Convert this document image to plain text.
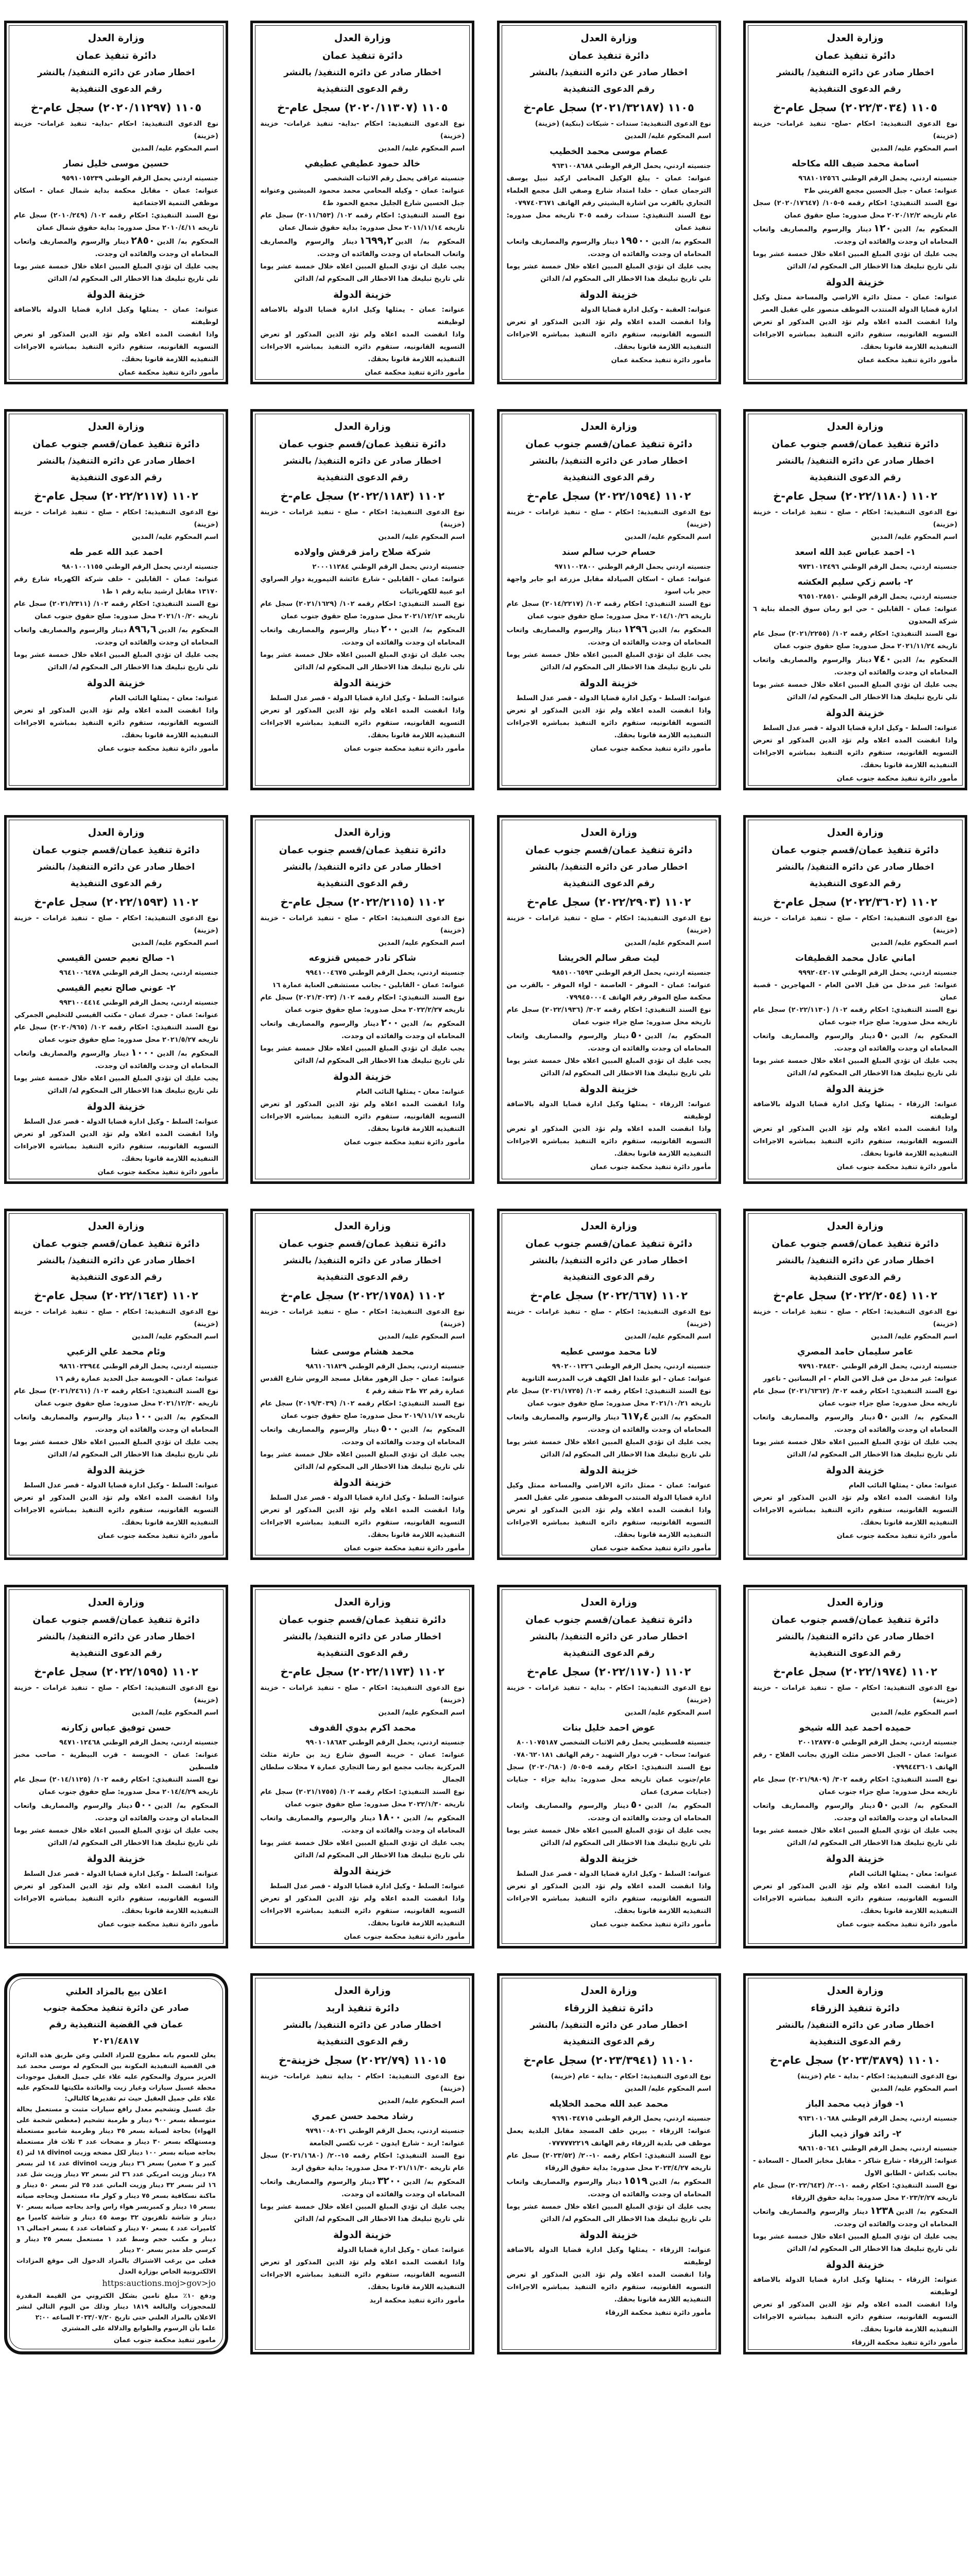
وزارة العدل
دائرة تنفيذ عمان
اخطار صادر عن دائره التنفيذ/ بالنشر
رقم الدعوى التنفيذية
١١٠٥ (٢٠٢٢/٣٠٣٤) سجل عام-خ
نوع الدعوى التنفيذية: احكام -صلح- تنفيذ غرامات- خزينة (خزينة)
اسم المحكوم عليه/ المدين
اسامة محمد ضيف الله مكاحله
جنسيته اردني، يحمل الرقم الوطني ٩٦٨١٠١٢٥٦٦
عنوانه: عمان - جبل الحسين مجمع القريني ط٣
نوع السند التنفيذي: احكام رقمه ٥-١٠٥/ (٢٠٢٠/١٧٦٤٧) سجل عام تاريخه ٢٠٢٠/١٢/٢ محل صدوره: صلح حقوق عمان
المحكوم به/ الدين١٢٠دينار والرسوم والمصاريف واتعاب المحاماه ان وجدت والفائده ان وجدت.
يجب عليك ان تؤدي المبلغ المبين اعلاه خلال خمسة عشر يوما تلي تاريخ تبليغك هذا الاخطار الى المحكوم له/ الدائن
خزينة الدولة
عنوانه: عمان - ممثل دائرة الاراضي والمساحة ممثل وكيل ادارة قضايا الدولة المنتدب الموظف منصور علي عقيل العمر
واذا انقضت المده اعلاه ولم تؤد الدين المذكور او تعرض التسويه القانونيه، ستقوم دائره التنفيذ بمباشره الاجراءات التنفيذيه اللازمة قانونا بحقك.
مأمور دائرة تنفيذ محكمة عمان
وزارة العدل
دائرة تنفيذ عمان
اخطار صادر عن دائره التنفيذ/ بالنشر
رقم الدعوى التنفيذية
١١٠٥ (٢٠٢١/٣٢١٨٧) سجل عام-خ
نوع الدعوى التنفيذية: سندات - شيكات (بنكية) (خزينة)
اسم المحكوم عليه/ المدين
عصام موسى محمد الخطيب
جنسيته اردني، يحمل الرقم الوطني ٩٦٣١٠٠٨٦٨٨
عنوانه: عمان - يبلغ الوكيل المحامي اركيد نبيل يوسف الترجمان عمان - خلدا امتداد شارع وصفي التل مجمع العلماء التجاري بالقرب من اشارة البشيتي رقم الهاتف ٠٧٩٧٤٠٣٦٧١
نوع السند التنفيذي: سندات رقمه ٣٠٥ تاريخه محل صدوره: تنفيذ عمان
المحكوم به/ الدين١٩٥٠٠دينار والرسوم والمصاريف واتعاب المحاماه ان وجدت والفائده ان وجدت.
يجب عليك ان تؤدي المبلغ المبين اعلاه خلال خمسة عشر يوما تلي تاريخ تبليغك هذا الاخطار الى المحكوم له/ الدائن
خزينة الدولة
عنوانه: العقبة - وكيل ادارة قضايا الدولة
واذا انقضت المده اعلاه ولم تؤد الدين المذكور او تعرض التسويه القانونيه، ستقوم دائره التنفيذ بمباشره الاجراءات التنفيذيه اللازمة قانونا بحقك.
مأمور دائرة تنفيذ محكمة عمان
وزارة العدل
دائرة تنفيذ عمان
اخطار صادر عن دائره التنفيذ/ بالنشر
رقم الدعوى التنفيذية
١١٠٥ (٢٠٢٠/١١٣٠٧) سجل عام-خ
نوع الدعوى التنفيذية: احكام -بداية- تنفيذ غرامات- خزينة (خزينة)
اسم المحكوم عليه/ المدين
خالد حمود عطيفي عطيفي
جنسيته عراقي يحمل رقم الاثبات الشخصي
عنوانه: عمان - وكيله المحامي محمد محمود الميشين وعنوانه جبل الحسين شارع الجليل مجمع الحمود ط٤
نوع السند التنفيذي: احكام رقمه ١٠٢/ (٢٠١١/٦٥٣) سجل عام تاريخه ٢٠١١/١١/١٤ محل صدوره: بداية حقوق شمال عمان
المحكوم به/ الدين١٦٩٩,٢دينار والرسوم والمصاريف واتعاب المحاماه ان وجدت والفائده ان وجدت.
يجب عليك ان تؤدي المبلغ المبين اعلاه خلال خمسة عشر يوما تلي تاريخ تبليغك هذا الاخطار الى المحكوم له/ الدائن
خزينة الدولة
عنوانه: عمان - يمثلها وكيل ادارة قضايا الدولة بالاضافة لوظيفته
واذا انقضت المده اعلاه ولم تؤد الدين المذكور او تعرض التسويه القانونيه، ستقوم دائره التنفيذ بمباشره الاجراءات التنفيذيه اللازمة قانونا بحقك.
مأمور دائرة تنفيذ محكمة عمان
وزارة العدل
دائرة تنفيذ عمان
اخطار صادر عن دائره التنفيذ/ بالنشر
رقم الدعوى التنفيذية
١١٠٥ (٢٠٢٠/١١٢٩٧) سجل عام-خ
نوع الدعوى التنفيذية: احكام -بداية- تنفيذ غرامات- خزينة (خزينة)
اسم المحكوم عليه/ المدين
حسين موسى خليل نصار
جنسيته اردني يحمل الرقم الوطني ٩٥٩١٠١٥٢٣٩
عنوانه: عمان - مقابل محكمة بداية شمال عمان - اسكان موظفي التنمية الاجتماعية
نوع السند التنفيذي: احكام رقمه ١٠٢/ (٢٠١٠/٢٤٩) سجل عام تاريخه ٢٠١٠/٤/١١ محل صدوره: بداية حقوق شمال عمان
المحكوم به/ الدين٢٨٥٠دينار والرسوم والمصاريف واتعاب المحاماه ان وجدت والفائده ان وجدت.
يجب عليك ان تؤدي المبلغ المبين اعلاه خلال خمسة عشر يوما تلي تاريخ تبليغك هذا الاخطار الى المحكوم له/ الدائن
خزينة الدولة
عنوانه: عمان - يمثلها وكيل ادارة قضايا الدولة بالاضافة لوظيفته
واذا انقضت المده اعلاه ولم تؤد الدين المذكور او تعرض التسويه القانونيه، ستقوم دائره التنفيذ بمباشره الاجراءات التنفيذيه اللازمة قانونا بحقك.
مأمور دائرة تنفيذ محكمة عمان
وزارة العدل
دائرة تنفيذ عمان/قسم جنوب عمان
اخطار صادر عن دائره التنفيذ/ بالنشر
رقم الدعوى التنفيذية
١١٠٢ (٢٠٢٢/١١٨٠) سجل عام-خ
نوع الدعوى التنفيذية: احكام - صلح - تنفيذ غرامات - خزينة (خزينة)
اسم المحكوم عليه/ المدين
١- احمد عباس عبد الله اسعد
جنسيته اردني، يحمل الرقم الوطني ٩٧٣١٠١٣٤٩٦
٢- باسم زكي سليم العكشه
جنسيته اردني، يحمل الرقم الوطني ٩٦٥١٠٢٨٥١٠
عنوانه: عمان - القابلين - حي ابو رمان سوق الجملة بناية ٦ شركة المحدون
نوع السند التنفيذي: احكام رقمه ١٠٢/ (٢٠٢١/٢٢٥٥) سجل عام تاريخه ٢٠٢١/١١/٢٤ محل صدوره: صلح حقوق جنوب عمان
المحكوم به/ الدين٧٤٠دينار والرسوم والمصاريف واتعاب المحاماه ان وجدت والفائده ان وجدت.
يجب عليك ان تؤدي المبلغ المبين اعلاه خلال خمسة عشر يوما تلي تاريخ تبليغك هذا الاخطار الى المحكوم له/ الدائن
خزينة الدولة
عنوانه: السلط - وكيل ادارة قضايا الدولة - قصر عدل السلط
واذا انقضت المده اعلاه ولم تؤد الدين المذكور او تعرض التسويه القانونيه، ستقوم دائره التنفيذ بمباشره الاجراءات التنفيذيه اللازمة قانونا بحقك.
مأمور دائرة تنفيذ محكمة جنوب عمان
وزارة العدل
دائرة تنفيذ عمان/قسم جنوب عمان
اخطار صادر عن دائره التنفيذ/ بالنشر
رقم الدعوى التنفيذية
١١٠٢ (٢٠٢٢/١٥٩٤) سجل عام-خ
نوع الدعوى التنفيذية: احكام - صلح - تنفيذ غرامات - خزينة (خزينة)
اسم المحكوم عليه/ المدين
حسام حرب سالم سند
جنسيته اردني يحمل الرقم الوطني ٩٧١١٠٠٢٨٠٠
عنوانه: عمان - اسكان الصيادلة مقابل مزرعة ابو جابر واجهة حجر باب اسود
نوع السند التنفيذي: احكام رقمه ١٠٢/ (٢٠١٤/٢٢١٧) سجل عام تاريخه ٢٠١٤/١٠/٢٦ محل صدوره: صلح حقوق جنوب عمان
المحكوم به/ الدين١٢٩٦دينار والرسوم والمصاريف واتعاب المحاماه ان وجدت والفائده ان وجدت.
يجب عليك ان تؤدي المبلغ المبين اعلاه خلال خمسة عشر يوما تلي تاريخ تبليغك هذا الاخطار الى المحكوم له/ الدائن
خزينة الدولة
عنوانه: السلط - وكيل ادارة قضايا الدولة - قصر عدل السلط
واذا انقضت المده اعلاه ولم تؤد الدين المذكور او تعرض التسويه القانونيه، ستقوم دائره التنفيذ بمباشره الاجراءات التنفيذيه اللازمة قانونا بحقك.
مأمور دائرة تنفيذ محكمة جنوب عمان
وزارة العدل
دائرة تنفيذ عمان/قسم جنوب عمان
اخطار صادر عن دائره التنفيذ/ بالنشر
رقم الدعوى التنفيذية
١١٠٢ (٢٠٢٢/١١٨٣) سجل عام-خ
نوع الدعوى التنفيذية: احكام - صلح - تنفيذ غرامات - خزينة (خزينة)
اسم المحكوم عليه/ المدين
شركة صلاح رامز قرقش واولاده
جنسيته اردني يحمل الرقم الوطني ٢٠٠٠١١٢٨٤
عنوانه: عمان - القابلين - شارع عائشة التيمورية دوار الصراوي ابو عبية للكهربائيات
نوع السند التنفيذي: احكام رقمه ١٠٢/ (٢٠٢١/١٦٢٩) سجل عام تاريخه ٢٠٢١/١٢/١٣ محل صدوره: صلح حقوق جنوب عمان
المحكوم به/ الدين٢٠٠دينار والرسوم والمصاريف واتعاب المحاماه ان وجدت والفائده ان وجدت.
يجب عليك ان تؤدي المبلغ المبين اعلاه خلال خمسة عشر يوما تلي تاريخ تبليغك هذا الاخطار الى المحكوم له/ الدائن
خزينة الدولة
عنوانه: السلط - وكيل ادارة قضايا الدولة - قصر عدل السلط
واذا انقضت المده اعلاه ولم تؤد الدين المذكور او تعرض التسويه القانونيه، ستقوم دائره التنفيذ بمباشره الاجراءات التنفيذيه اللازمة قانونا بحقك.
مأمور دائرة تنفيذ محكمة جنوب عمان
وزارة العدل
دائرة تنفيذ عمان/قسم جنوب عمان
اخطار صادر عن دائره التنفيذ/ بالنشر
رقم الدعوى التنفيذية
١١٠٢ (٢٠٢٢/٢١١٧) سجل عام-خ
نوع الدعوى التنفيذية: احكام - صلح - تنفيذ غرامات - خزينة (خزينة)
اسم المحكوم عليه/ المدين
احمد عبد الله عمر طه
جنسيته اردني يحمل الرقم الوطني ٩٨٠١٠٠١١٥٥
عنوانه: عمان - القابلين - خلف شركة الكهرباء شارع رقم ١٣١٧٠ مقابل ارشيد بناية رقم ١ ط١
نوع السند التنفيذي: احكام رقمه ١٠٢/ (٢٠٢١/٢٣١١) سجل عام تاريخه ٢٠٢١/١٠/٢٠ محل صدوره: صلح حقوق جنوب عمان
المحكوم به/ الدين٨٩٦,٦دينار والرسوم والمصاريف واتعاب المحاماه ان وجدت والفائده ان وجدت.
يجب عليك ان تؤدي المبلغ المبين اعلاه خلال خمسة عشر يوما تلي تاريخ تبليغك هذا الاخطار الى المحكوم له/ الدائن
خزينة الدولة
عنوانه: معان - يمثلها النائب العام
واذا انقضت المده اعلاه ولم تؤد الدين المذكور او تعرض التسويه القانونيه، ستقوم دائره التنفيذ بمباشره الاجراءات التنفيذيه اللازمة قانونا بحقك.
مأمور دائرة تنفيذ محكمة جنوب عمان
وزارة العدل
دائرة تنفيذ عمان/قسم جنوب عمان
اخطار صادر عن دائره التنفيذ/ بالنشر
رقم الدعوى التنفيذية
١١٠٢ (٢٠٢٢/٣٦٠٢) سجل عام-خ
نوع الدعوى التنفيذية: احكام - صلح - تنفيذ غرامات - خزينة (خزينة)
اسم المحكوم عليه/ المدين
اماني عادل محمد القطيفات
جنسيته اردني، يحمل الرقم الوطني ٩٩٩٢٠٤٢٠١٧
عنوانه: غير مدخل من قبل الامن العام - المهاجرين - قصبة عمان
نوع السند التنفيذي: احكام رقمه ١٠٢/ (٢٠٢٢/١١٣٠) سجل عام تاريخه محل صدوره: صلح جزاء جنوب عمان
المحكوم به/ الدين٥٠دينار والرسوم والمصاريف واتعاب المحاماه ان وجدت والفائده ان وجدت.
يجب عليك ان تؤدي المبلغ المبين اعلاه خلال خمسة عشر يوما تلي تاريخ تبليغك هذا الاخطار الى المحكوم له/ الدائن
خزينة الدولة
عنوانه: الزرقاء - يمثلها وكيل ادارة قضايا الدولة بالاضافة لوظيفته
واذا انقضت المده اعلاه ولم تؤد الدين المذكور او تعرض التسويه القانونيه، ستقوم دائره التنفيذ بمباشره الاجراءات التنفيذيه اللازمة قانونا بحقك.
مأمور دائرة تنفيذ محكمة جنوب عمان
وزارة العدل
دائرة تنفيذ عمان/قسم جنوب عمان
اخطار صادر عن دائره التنفيذ/ بالنشر
رقم الدعوى التنفيذية
١١٠٢ (٢٠٢٢/٢٩٠٣) سجل عام-خ
نوع الدعوى التنفيذية: احكام - صلح - تنفيذ غرامات - خزينة (خزينة)
اسم المحكوم عليه/ المدين
ليث صقر سالم الخريشا
جنسيته اردني، يحمل الرقم الوطني ٩٨٥١٠٠٦٥٩٣
عنوانه: عمان - الموقر - العاصمة - لواء الموقر - بالقرب من محكمة صلح الموقر رقم الهاتف ٠٧٩٩٤٥٠٠٠٤
نوع السند التنفيذي: احكام رقمه ٣٠٢/ (٢٠٢٢/١٩٣٦) سجل عام تاريخه محل صدوره: صلح جزاء جنوب عمان
المحكوم به/ الدين٥٠دينار والرسوم والمصاريف واتعاب المحاماه ان وجدت والفائده ان وجدت.
يجب عليك ان تؤدي المبلغ المبين اعلاه خلال خمسة عشر يوما تلي تاريخ تبليغك هذا الاخطار الى المحكوم له/ الدائن
خزينة الدولة
عنوانه: الزرقاء - يمثلها وكيل ادارة قضايا الدولة بالاضافة لوظيفته
واذا انقضت المده اعلاه ولم تؤد الدين المذكور او تعرض التسويه القانونيه، ستقوم دائره التنفيذ بمباشره الاجراءات التنفيذيه اللازمة قانونا بحقك.
مأمور دائرة تنفيذ محكمة جنوب عمان
وزارة العدل
دائرة تنفيذ عمان/قسم جنوب عمان
اخطار صادر عن دائره التنفيذ/ بالنشر
رقم الدعوى التنفيذية
١١٠٢ (٢٠٢٢/٢١١٥) سجل عام-خ
نوع الدعوى التنفيذية: احكام - صلح - تنفيذ غرامات - خزينة (خزينة)
اسم المحكوم عليه/ المدين
شاكر نادر خميس قنزوعه
جنسيته اردني، يحمل الرقم الوطني ٩٩٤١٠٠٤٦٧٥
عنوانه: عمان - القابلين - بجانب مستشفى العناية عمارة ١٦
نوع السند التنفيذي: احكام رقمه ١٠٢/ (٢٠٢١/٣٠٢٣) سجل عام تاريخه ٢٠٢٢/٢/٢٧ محل صدوره: صلح حقوق جنوب عمان
المحكوم به/ الدين٢٠٠دينار والرسوم والمصاريف واتعاب المحاماه ان وجدت والفائده ان وجدت.
يجب عليك ان تؤدي المبلغ المبين اعلاه خلال خمسة عشر يوما تلي تاريخ تبليغك هذا الاخطار الى المحكوم له/ الدائن
خزينة الدولة
عنوانه: معان - يمثلها النائب العام
واذا انقضت المده اعلاه ولم تؤد الدين المذكور او تعرض التسويه القانونيه، ستقوم دائره التنفيذ بمباشره الاجراءات التنفيذيه اللازمة قانونا بحقك.
مأمور دائرة تنفيذ محكمة جنوب عمان
وزارة العدل
دائرة تنفيذ عمان/قسم جنوب عمان
اخطار صادر عن دائره التنفيذ/ بالنشر
رقم الدعوى التنفيذية
١١٠٢ (٢٠٢٢/١٥٩٣) سجل عام-خ
نوع الدعوى التنفيذية: احكام - صلح - تنفيذ غرامات - خزينة (خزينة)
اسم المحكوم عليه/ المدين
١- صالح نعيم حسن القيسي
جنسيته اردني، يحمل الرقم الوطني ٩٦٤١٠٠٦٤٧٨
٢- عوني صالح نعيم القيسي
جنسيته اردني، يحمل الرقم الوطني ٩٩٣١٠٠٤٤١٤
عنوانه: عمان - جمرك عمان - مكتب القيسي للتخليص الجمركي
نوع السند التنفيذي: احكام رقمه ١٠٢/ (٢٠٢٠/٩٦٥) سجل عام تاريخه ٢٠٢١/٥/٢٧ محل صدوره: صلح حقوق جنوب عمان
المحكوم به/ الدين١٠٠٠دينار والرسوم والمصاريف واتعاب المحاماه ان وجدت والفائده ان وجدت.
يجب عليك ان تؤدي المبلغ المبين اعلاه خلال خمسة عشر يوما تلي تاريخ تبليغك هذا الاخطار الى المحكوم له/ الدائن
خزينة الدولة
عنوانه: السلط - وكيل ادارة قضايا الدولة - قصر عدل السلط
واذا انقضت المده اعلاه ولم تؤد الدين المذكور او تعرض التسويه القانونيه، ستقوم دائره التنفيذ بمباشره الاجراءات التنفيذيه اللازمة قانونا بحقك.
مأمور دائرة تنفيذ محكمة جنوب عمان
وزارة العدل
دائرة تنفيذ عمان/قسم جنوب عمان
اخطار صادر عن دائره التنفيذ/ بالنشر
رقم الدعوى التنفيذية
١١٠٢ (٢٠٢٢/٢٠٥٤) سجل عام-خ
نوع الدعوى التنفيذية: احكام - صلح - تنفيذ غرامات - خزينة (خزينة)
اسم المحكوم عليه/ المدين
عامر سليمان حامد المصري
جنسيته اردني، يحمل الرقم الوطني ٩٧٩١٠٣٨٤٣٠
عنوانه: غير مدخل من قبل الامن العام - ام البساتين - ناعور
نوع السند التنفيذي: احكام رقمه ٣٠٢/ (٢٠٢١/٦٣٦٢) سجل عام تاريخه محل صدوره: صلح جزاء جنوب عمان
المحكوم به/ الدين٥٠دينار والرسوم والمصاريف واتعاب المحاماه ان وجدت والفائده ان وجدت.
يجب عليك ان تؤدي المبلغ المبين اعلاه خلال خمسة عشر يوما تلي تاريخ تبليغك هذا الاخطار الى المحكوم له/ الدائن
خزينة الدولة
عنوانه: معان - يمثلها النائب العام
واذا انقضت المده اعلاه ولم تؤد الدين المذكور او تعرض التسويه القانونيه، ستقوم دائره التنفيذ بمباشره الاجراءات التنفيذيه اللازمة قانونا بحقك.
مأمور دائرة تنفيذ محكمة جنوب عمان
وزارة العدل
دائرة تنفيذ عمان/قسم جنوب عمان
اخطار صادر عن دائره التنفيذ/ بالنشر
رقم الدعوى التنفيذية
١١٠٢ (٢٠٢٢/٦٦٧) سجل عام-خ
نوع الدعوى التنفيذية: احكام - صلح - تنفيذ غرامات - خزينة (خزينة)
اسم المحكوم عليه/ المدين
لانا محمد موسى عطيه
جنسيته اردني، يحمل الرقم الوطني ٩٩٠٢٠٠١٣٢٦
عنوانه: عمان - ابو علندا اهل الكهف قرب المدرسة الثانوية
نوع السند التنفيذي: احكام رقمه ١٠٢/ (٢٠٢١/١٧٢٥) سجل عام تاريخه ٢٠٢١/١٠/٢١ محل صدوره: صلح حقوق جنوب عمان
المحكوم به/ الدين٦١٧,٤دينار والرسوم والمصاريف واتعاب المحاماه ان وجدت والفائده ان وجدت.
يجب عليك ان تؤدي المبلغ المبين اعلاه خلال خمسة عشر يوما تلي تاريخ تبليغك هذا الاخطار الى المحكوم له/ الدائن
خزينة الدولة
عنوانه: عمان - ممثل دائرة الاراضي والمساحة ممثل وكيل ادارة قضايا الدولة المنتدب الموظف منصور علي عقيل العمر
واذا انقضت المده اعلاه ولم تؤد الدين المذكور او تعرض التسويه القانونيه، ستقوم دائره التنفيذ بمباشره الاجراءات التنفيذيه اللازمة قانونا بحقك.
مأمور دائرة تنفيذ محكمة جنوب عمان
وزارة العدل
دائرة تنفيذ عمان/قسم جنوب عمان
اخطار صادر عن دائره التنفيذ/ بالنشر
رقم الدعوى التنفيذية
١١٠٢ (٢٠٢٢/١٧٥٨) سجل عام-خ
نوع الدعوى التنفيذية: احكام - صلح - تنفيذ غرامات - خزينة (خزينة)
اسم المحكوم عليه/ المدين
محمد هشام موسى عشا
جنسيته اردني، يحمل الرقم الوطني ٩٨٦١٠٦١٨٢٩
عنوانه: عمان - جبل الزهور مقابل مسجد الروس شارع القدس عمارة رقم ٧٢ ط٣ شقة رقم ٤
نوع السند التنفيذي: احكام رقمه ١٠٢/ (٢٠١٩/٣٠٣٩) سجل عام تاريخه ٢٠١٩/١١/١٧ محل صدوره: صلح حقوق جنوب عمان
المحكوم به/ الدين٥٠٠دينار والرسوم والمصاريف واتعاب المحاماه ان وجدت والفائده ان وجدت.
يجب عليك ان تؤدي المبلغ المبين اعلاه خلال خمسة عشر يوما تلي تاريخ تبليغك هذا الاخطار الى المحكوم له/ الدائن
خزينة الدولة
عنوانه: السلط - وكيل ادارة قضايا الدولة - قصر عدل السلط
واذا انقضت المده اعلاه ولم تؤد الدين المذكور او تعرض التسويه القانونيه، ستقوم دائره التنفيذ بمباشره الاجراءات التنفيذيه اللازمة قانونا بحقك.
مأمور دائرة تنفيذ محكمة جنوب عمان
وزارة العدل
دائرة تنفيذ عمان/قسم جنوب عمان
اخطار صادر عن دائره التنفيذ/ بالنشر
رقم الدعوى التنفيذية
١١٠٢ (٢٠٢٢/١٦٤٣) سجل عام-خ
نوع الدعوى التنفيذية: احكام - صلح - تنفيذ غرامات - خزينة (خزينة)
اسم المحكوم عليه/ المدين
وئام محمد علي الزعبي
جنسيته اردني، يحمل الرقم الوطني ٩٨٦١٠٢٣٩٤٤
عنوانه: عمان - الخوبسة جبل الحديد عمارة رقم ١٦
نوع السند التنفيذي: احكام رقمه ١٠٢/ (٢٠٢١/٢٤٦١) سجل عام تاريخه ٢٠٢١/١٢/٣٠ محل صدوره: صلح حقوق جنوب عمان
المحكوم به/ الدين١٠٠دينار والرسوم والمصاريف واتعاب المحاماه ان وجدت والفائده ان وجدت.
يجب عليك ان تؤدي المبلغ المبين اعلاه خلال خمسة عشر يوما تلي تاريخ تبليغك هذا الاخطار الى المحكوم له/ الدائن
خزينة الدولة
عنوانه: السلط - وكيل ادارة قضايا الدولة - قصر عدل السلط
واذا انقضت المده اعلاه ولم تؤد الدين المذكور او تعرض التسويه القانونيه، ستقوم دائره التنفيذ بمباشره الاجراءات التنفيذيه اللازمة قانونا بحقك.
مأمور دائرة تنفيذ محكمة جنوب عمان
وزارة العدل
دائرة تنفيذ عمان/قسم جنوب عمان
اخطار صادر عن دائره التنفيذ/ بالنشر
رقم الدعوى التنفيذية
١١٠٢ (٢٠٢٢/١٩٧٤) سجل عام-خ
نوع الدعوى التنفيذية: احكام - صلح - تنفيذ غرامات - خزينة (خزينة)
اسم المحكوم عليه/ المدين
حميده احمد عبد الله شيخو
جنسيته اردني، يحمل الرقم الوطني ٢٠٠١٢٨٧٧٠٥
عنوانه: عمان - الجبل الاخضر مثلث الوزي بجانب الفلاح - رقم الهاتف ٠٧٩٩٤٤٣٦٠١
نوع السند التنفيذي: احكام رقمه ٣٠٢/ (٢٠٢١/٩٨٠٩) سجل عام تاريخه محل صدوره: صلح جزاء جنوب عمان
المحكوم به/ الدين٥٠دينار والرسوم والمصاريف واتعاب المحاماه ان وجدت والفائده ان وجدت.
يجب عليك ان تؤدي المبلغ المبين اعلاه خلال خمسة عشر يوما تلي تاريخ تبليغك هذا الاخطار الى المحكوم له/ الدائن
خزينة الدولة
عنوانه: معان - يمثلها النائب العام
واذا انقضت المده اعلاه ولم تؤد الدين المذكور او تعرض التسويه القانونيه، ستقوم دائره التنفيذ بمباشره الاجراءات التنفيذيه اللازمة قانونا بحقك.
مأمور دائرة تنفيذ محكمة جنوب عمان
وزارة العدل
دائرة تنفيذ عمان/قسم جنوب عمان
اخطار صادر عن دائره التنفيذ/ بالنشر
رقم الدعوى التنفيذية
١١٠٢ (٢٠٢٢/١١٧٠) سجل عام-خ
نوع الدعوى التنفيذية: احكام - بداية - تنفيذ غرامات - خزينة (خزينة)
اسم المحكوم عليه/ المدين
عوض احمد خليل بنات
جنسيته فلسطيني يحمل رقم الاثبات الشخصي ٨٠٠١٠٧٥١٨٧
عنوانه: سحاب - قرب دوار الشهيد - رقم الهاتف ٠٧٨٠٦٢٠١٨١
نوع السند التنفيذي: احكام رقمه ٥-٥٠٥/ (٢٠٢٠/٦٨٠) سجل عام/جنوب عمان تاريخه محل صدوره: بداية جزاء - جنايات (جنايات صغرى) عمان
المحكوم به/ الدين٥٠دينار والرسوم والمصاريف واتعاب المحاماه ان وجدت والفائده ان وجدت.
يجب عليك ان تؤدي المبلغ المبين اعلاه خلال خمسة عشر يوما تلي تاريخ تبليغك هذا الاخطار الى المحكوم له/ الدائن
خزينة الدولة
عنوانه: السلط - وكيل ادارة قضايا الدولة - قصر عدل السلط
واذا انقضت المده اعلاه ولم تؤد الدين المذكور او تعرض التسويه القانونيه، ستقوم دائره التنفيذ بمباشره الاجراءات التنفيذيه اللازمة قانونا بحقك.
مأمور دائرة تنفيذ محكمة جنوب عمان
وزارة العدل
دائرة تنفيذ عمان/قسم جنوب عمان
اخطار صادر عن دائره التنفيذ/ بالنشر
رقم الدعوى التنفيذية
١١٠٢ (٢٠٢٢/١١٧٣) سجل عام-خ
نوع الدعوى التنفيذية: احكام - صلح - تنفيذ غرامات - خزينة (خزينة)
اسم المحكوم عليه/ المدين
محمد اكرم بدوي القدوف
جنسيته اردني، يحمل الرقم الوطني ٩٩٠١٠١٨٦٨٣
عنوانه: عمان - خريبة السوق شارع زيد بن حارثة مثلث المركزية بجانب مجمع ابو رضا التجاري عمارة ٧ محلات سلطان الجمال
نوع السند التنفيذي: احكام رقمه ١٠٢/ (٢٠٢١/١٧٥٥) سجل عام تاريخه ٢٠٢٢/١/٣٠ محل صدوره: صلح حقوق جنوب عمان
المحكوم به/ الدين١٨٠٠دينار والرسوم والمصاريف واتعاب المحاماه ان وجدت والفائده ان وجدت.
يجب عليك ان تؤدي المبلغ المبين اعلاه خلال خمسة عشر يوما تلي تاريخ تبليغك هذا الاخطار الى المحكوم له/ الدائن
خزينة الدولة
عنوانه: السلط - وكيل ادارة قضايا الدولة - قصر عدل السلط
واذا انقضت المده اعلاه ولم تؤد الدين المذكور او تعرض التسويه القانونيه، ستقوم دائره التنفيذ بمباشره الاجراءات التنفيذيه اللازمة قانونا بحقك.
مأمور دائرة تنفيذ محكمة جنوب عمان
وزارة العدل
دائرة تنفيذ عمان/قسم جنوب عمان
اخطار صادر عن دائره التنفيذ/ بالنشر
رقم الدعوى التنفيذية
١١٠٢ (٢٠٢٢/١٥٩٥) سجل عام-خ
نوع الدعوى التنفيذية: احكام - صلح - تنفيذ غرامات - خزينة (خزينة)
اسم المحكوم عليه/ المدين
حسن توفيق عباس زكارنه
جنسيته اردني، يحمل الرقم الوطني ٩٤٧١٠١٢٤٦٨
عنوانه: عمان - الخوبسة - قرب البيطرية - صاحب مخبز فلسطين
نوع السند التنفيذي: احكام رقمه ١٠٢/ (٢٠١٤/١١٢٥) سجل عام تاريخه ٢٠١٤/٤/٢٩ محل صدوره: صلح حقوق جنوب عمان
المحكوم به/ الدين٥٠٠دينار والرسوم والمصاريف واتعاب المحاماه ان وجدت والفائده ان وجدت.
يجب عليك ان تؤدي المبلغ المبين اعلاه خلال خمسة عشر يوما تلي تاريخ تبليغك هذا الاخطار الى المحكوم له/ الدائن
خزينة الدولة
عنوانه: السلط - وكيل ادارة قضايا الدولة - قصر عدل السلط
واذا انقضت المده اعلاه ولم تؤد الدين المذكور او تعرض التسويه القانونيه، ستقوم دائره التنفيذ بمباشره الاجراءات التنفيذيه اللازمة قانونا بحقك.
مأمور دائرة تنفيذ محكمة جنوب عمان
وزارة العدل
دائرة تنفيذ الزرقاء
اخطار صادر عن دائره التنفيذ/ بالنشر
رقم الدعوى التنفيذية
١١٠١٠ (٢٠٢٣/٣٨٧٩) سجل عام-خ
نوع الدعوى التنفيذية: احكام - بداية - عام (خزينة)
اسم المحكوم عليه/ المدين
١- فواز ذيب محمد الباز
جنسيته اردني، يحمل الرقم الوطني ٩٦٣١٠١٠٦٨٨
٢- رائد فواز ذيب الباز
جنسيته اردني، يحمل الرقم الوطني ٩٨٦١٠٥٠٦٤١
عنوانه: الزرقاء - شارع شاكر - مقابل مخابز العمال - السعادة - بجانب بكداش - الطابق الاول
نوع السند التنفيذي: احكام رقمه ١٠-٢٠/ (٢٠٢٢/٦٤٣) سجل عام تاريخه ٢٠٢٣/٢/٢٧ محل صدوره: بداية حقوق الزرقاء
المحكوم به/ الدين١٢٣٨دينار والرسوم والمصاريف واتعاب المحاماه ان وجدت والفائده ان وجدت.
يجب عليك ان تؤدي المبلغ المبين اعلاه خلال خمسة عشر يوما تلي تاريخ تبليغك هذا الاخطار الى المحكوم له/ الدائن
خزينة الدولة
عنوانه: الزرقاء - يمثلها وكيل ادارة قضايا الدولة بالاضافة لوظيفته
واذا انقضت المده اعلاه ولم تؤد الدين المذكور او تعرض التسويه القانونيه، ستقوم دائره التنفيذ بمباشره الاجراءات التنفيذيه اللازمة قانونا بحقك.
مأمور دائرة تنفيذ محكمة الزرقاء
وزارة العدل
دائرة تنفيذ الزرقاء
اخطار صادر عن دائره التنفيذ/ بالنشر
رقم الدعوى التنفيذية
١١٠١٠ (٢٠٢٣/٣٩٤١) سجل عام-خ
نوع الدعوى التنفيذية: احكام - بداية - عام (خزينة)
اسم المحكوم عليه/ المدين
محمد عبد الله محمد الخلايله
جنسيته اردني، يحمل الرقم الوطني ٩٦٩١٠٣٤٧١٥
عنوانه: الزرقاء - بيرين خلف المسجد مقابل البلدية يعمل موظف في بلدية الزرقاء رقم الهاتف ٠٧٧٧٧٧٢٢١٩
نوع السند التنفيذي: احكام رقمه ١٠-٢٠/ (٢٠٢٣/٥٢) سجل عام تاريخه ٢٠٢٣/٤/٢٧ محل صدوره: بداية حقوق الزرقاء
المحكوم به/ الدين١٥١٩دينار والرسوم والمصاريف واتعاب المحاماه ان وجدت والفائده ان وجدت.
يجب عليك ان تؤدي المبلغ المبين اعلاه خلال خمسة عشر يوما تلي تاريخ تبليغك هذا الاخطار الى المحكوم له/ الدائن
خزينة الدولة
عنوانه: الزرقاء - يمثلها وكيل ادارة قضايا الدولة بالاضافة لوظيفته
واذا انقضت المده اعلاه ولم تؤد الدين المذكور او تعرض التسويه القانونيه، ستقوم دائره التنفيذ بمباشره الاجراءات التنفيذيه اللازمة قانونا بحقك.
مأمور دائرة تنفيذ محكمة الزرقاء
وزارة العدل
دائرة تنفيذ اربد
اخطار صادر عن دائره التنفيذ/ بالنشر
رقم الدعوى التنفيذية
١١٠١٥ (٢٠٢٢/٧٩) سجل خزينة-خ
نوع الدعوى التنفيذية: احكام - بداية تنفيذ غرامات- خزينة (خزينة)
اسم المحكوم عليه/ المدين
رشاد محمد حسن عمري
جنسيته اردني، يحمل الرقم الوطني ٩٧٩١٠٠٨٠٢١
عنوانه: اربد - شارع ايدون - غرب تكسي الجامعة
نوع السند التنفيذي: احكام رقمه ١٥-٢٠/ (٢٠٢١/١٦٨٠) سجل عام تاريخه ٢٠٢١/١١/٣٠ محل صدوره: بداية حقوق اربد
المحكوم به/ الدين٣٢٠٠دينار والرسوم والمصاريف واتعاب المحاماه ان وجدت والفائده ان وجدت.
يجب عليك ان تؤدي المبلغ المبين اعلاه خلال خمسة عشر يوما تلي تاريخ تبليغك هذا الاخطار الى المحكوم له/ الدائن
خزينة الدولة
عنوانه: عمان - وكيل ادارة قضايا الدولة
واذا انقضت المده اعلاه ولم تؤد الدين المذكور او تعرض التسويه القانونيه، ستقوم دائره التنفيذ بمباشره الاجراءات التنفيذيه اللازمة قانونا بحقك.
مأمور دائرة تنفيذ محكمة اربد
اعلان بيع بالمزاد العلني
صادر عن دائرة تنفيذ محكمة جنوب
عمان في القضية التنفيذية رقم
٢٠٢١/٤٨١٧
يعلن للعموم بانه مطروح للمزاد العلني وعن طريق هذه الدائرة في القضية التنفيذية المكونة بين المحكوم له موسى محمد عبد العزيز مبروك والمحكوم عليه علاء علي جميل العقيل موجودات محطة غسيل سيارات وغيار زيت والعائدة ملكيتها للمحكوم عليه علاء علي جميل العقيل حيث تم تقديرها كالتالي:
جك غسيل وتشحيم معدل رافع سيارات مثبت و مستعمل بحالة متوسطة بسعر ٩٠٠ دينار و طرمبة تشحيم (معطس شحمة على الهواء) بحاجة لصيانة بسعر ٣٥ دينار وطرمبة شاميو مستعملة ومستهلكه بسعر ٣٠ دينار و مضخات عدد ٣ ثلاث قاز مستعملة بحاجه صيانه بسعر ١٠٠ دينار لكل مضخه وزيت divinol ١٨ لتر (٤ كبير و ٢ صغير) بسعر ٣٦ دينار وزيت divinol عدد ١٤ لتر بسعر ٢٨ دينار وزيت امريكي عدد ٣٦ لتر بسعر ٧٢ دينار وزيت شل عدد ١٦ لتر بسعر ٣٢ دينار وزيت الماني عدد ٢٥ لتر بسعر ٥٠ دينار و ماكنة نسكافية بسعر ٧٥ دينار و كولر ماء مستعمل وبحاجه صيانه بسعر ١٥ دينار و كمبريسر هواء راس واحد بحاجه صيانه بسعر ٧٠ دينار و شاشة تلفزيون ٣٢ بوصة ٤٥ دينار و شاشة كاميرا مع كاميرات عدد ٤ بسعر ٧٠ دينار و كشافات عدد ٤ بسعر اجمالي ١٦ دينار و مكتب حجم وسط عدد ١ مستعمل بسعر ٢٥ دينار و كرسي جلد مدير بسعر ٢٠ دينار
فعلى من يرغب الاشتراك بالمزاد الدخول الى موقع المزادات الالكترونية الخاص بوزارة العدل
https:auctions.moj>gov>jo
ودفع ١٠٪ مبلغ تامين بشكل الكتروني من القيمة المقدرة للمحجوزات والبالغة ١٨١٩ دينار وذلك من اليوم التالي لنشر الاعلان بالمزاد العلني حتى تاريخ ٢٠٢٣/٠٧/٢٠ الساعه ٢:٠٠
علما بأن الرسوم والطوابع والدلالة على المشتري
مامور تنفيذ محكمة جنوب عمان
